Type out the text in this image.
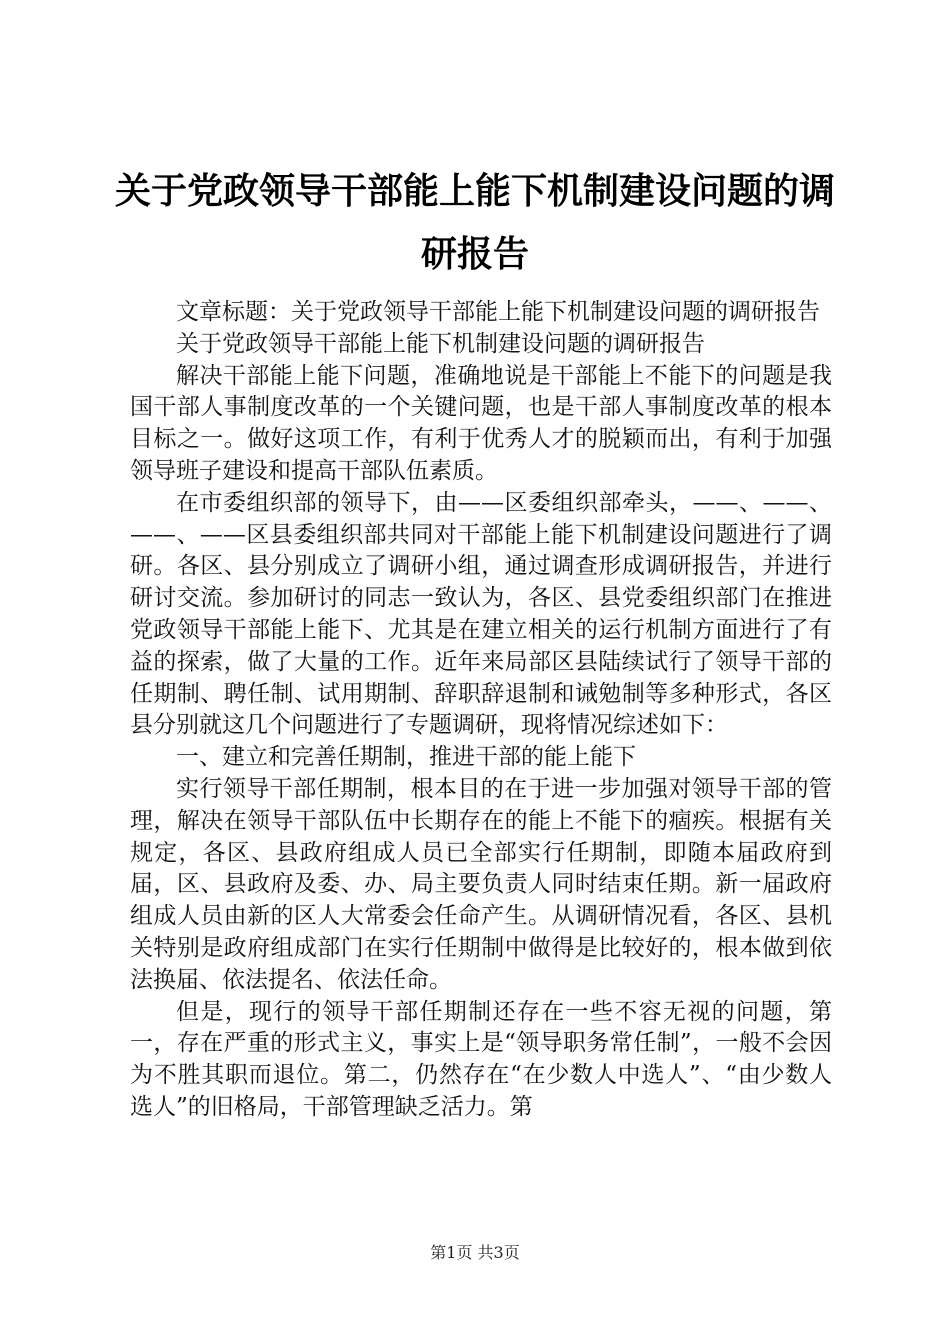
关于党政领导干部能上能下机制建设问题的调研报告

文章标题：关于党政领导干部能上能下机制建设问题的调研报告

关于党政领导干部能上能下机制建设问题的调研报告

解决干部能上能下问题，准确地说是干部能上不能下的问题是我国干部人事制度改革的一个关键问题，也是干部人事制度改革的根本目标之一。做好这项工作，有利于优秀人才的脱颖而出，有利于加强领导班子建设和提高干部队伍素质。

在市委组织部的领导下，由——区委组织部牵头，——、——、——、——区县委组织部共同对干部能上能下机制建设问题进行了调研。各区、县分别成立了调研小组，通过调查形成调研报告，并进行研讨交流。参加研讨的同志一致认为，各区、县党委组织部门在推进党政领导干部能上能下、尤其是在建立相关的运行机制方面进行了有益的探索，做了大量的工作。近年来局部区县陆续试行了领导干部的任期制、聘任制、试用期制、辞职辞退制和诫勉制等多种形式，各区县分别就这几个问题进行了专题调研，现将情况综述如下：

一、建立和完善任期制，推进干部的能上能下

实行领导干部任期制，根本目的在于进一步加强对领导干部的管理，解决在领导干部队伍中长期存在的能上不能下的痼疾。根据有关规定，各区、县政府组成人员已全部实行任期制，即随本届政府到届，区、县政府及委、办、局主要负责人同时结束任期。新一届政府组成人员由新的区人大常委会任命产生。从调研情况看，各区、县机关特别是政府组成部门在实行任期制中做得是比较好的，根本做到依法换届、依法提名、依法任命。

但是，现行的领导干部任期制还存在一些不容无视的问题，第一，存在严重的形式主义，事实上是“领导职务常任制”，一般不会因为不胜其职而退位。第二，仍然存在“在少数人中选人”、“由少数人选人”的旧格局，干部管理缺乏活力。第

第1页 共3页
